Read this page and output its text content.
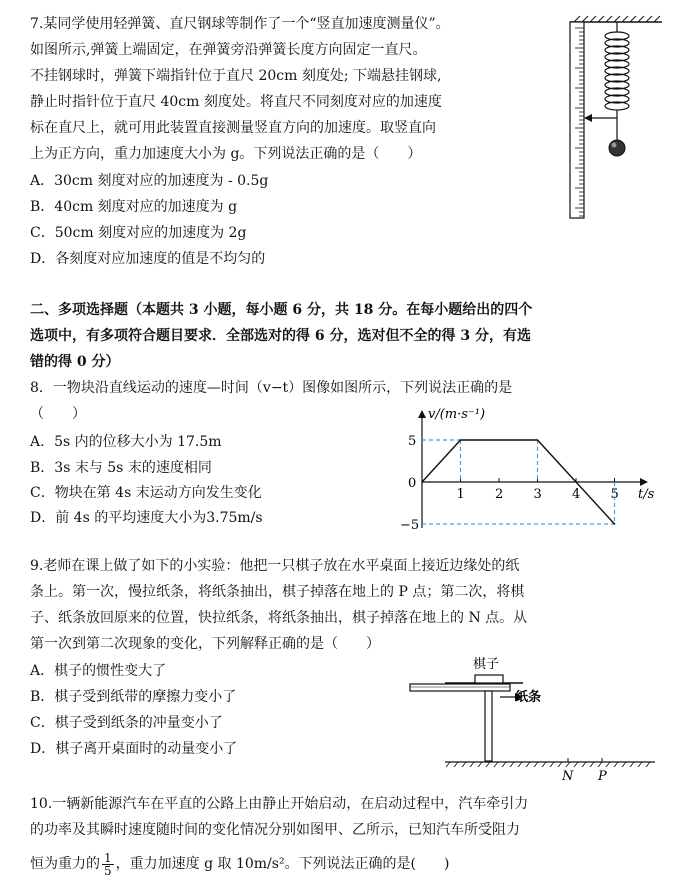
7.某同学使用轻弹簧、直尺钢球等制作了一个“竖直加速度测量仪”。
如图所示,弹簧上端固定，在弹簧旁沿弹簧长度方向固定一直尺。
不挂钢球时，弹簧下端指针位于直尺 20cm 刻度处; 下端悬挂钢球,
静止时指针位于直尺 40cm 刻度处。将直尺不同刻度对应的加速度
标在直尺上，就可用此装置直接测量竖直方向的加速度。取竖直向
上为正方向，重力加速度大小为 g。下列说法正确的是（　　）
A．30cm 刻度对应的加速度为 - 0.5g
B．40cm 刻度对应的加速度为 g
C．50cm 刻度对应的加速度为 2g
D．各刻度对应加速度的值是不均匀的
二、多项选择题（本题共 3 小题，每小题 6 分，共 18 分。在每小题给出的四个
选项中，有多项符合题目要求．全部选对的得 6 分，选对但不全的得 3 分，有选
错的得 0 分）
8．一物块沿直线运动的速度—时间（v−t）图像如图所示，下列说法正确的是
（　　）
A．5s 内的位移大小为 17.5m
B．3s 末与 5s 末的速度相同
C．物块在第 4s 末运动方向发生变化
D．前 4s 的平均速度大小为3.75m/s
v/(m·s⁻¹)
t/s
1 2 3 4 5
5
0
−5
9.老师在课上做了如下的小实验：他把一只棋子放在水平桌面上接近边缘处的纸
条上。第一次，慢拉纸条，将纸条抽出，棋子掉落在地上的 P 点；第二次，将棋
子、纸条放回原来的位置，快拉纸条，将纸条抽出，棋子掉落在地上的 N 点。从
第一次到第二次现象的变化，下列解释正确的是（　　）
A．棋子的惯性变大了
B．棋子受到纸带的摩擦力变小了
C．棋子受到纸条的冲量变小了
D．棋子离开桌面时的动量变小了
棋子
纸条
N P
10.一辆新能源汽车在平直的公路上由静止开始启动，在启动过程中，汽车牵引力
的功率及其瞬时速度随时间的变化情况分别如图甲、乙所示，已知汽车所受阻力
恒为重力的 $\frac{1}{5}$ ，重力加速度 g 取 10m/s²。下列说法正确的是(　　)
